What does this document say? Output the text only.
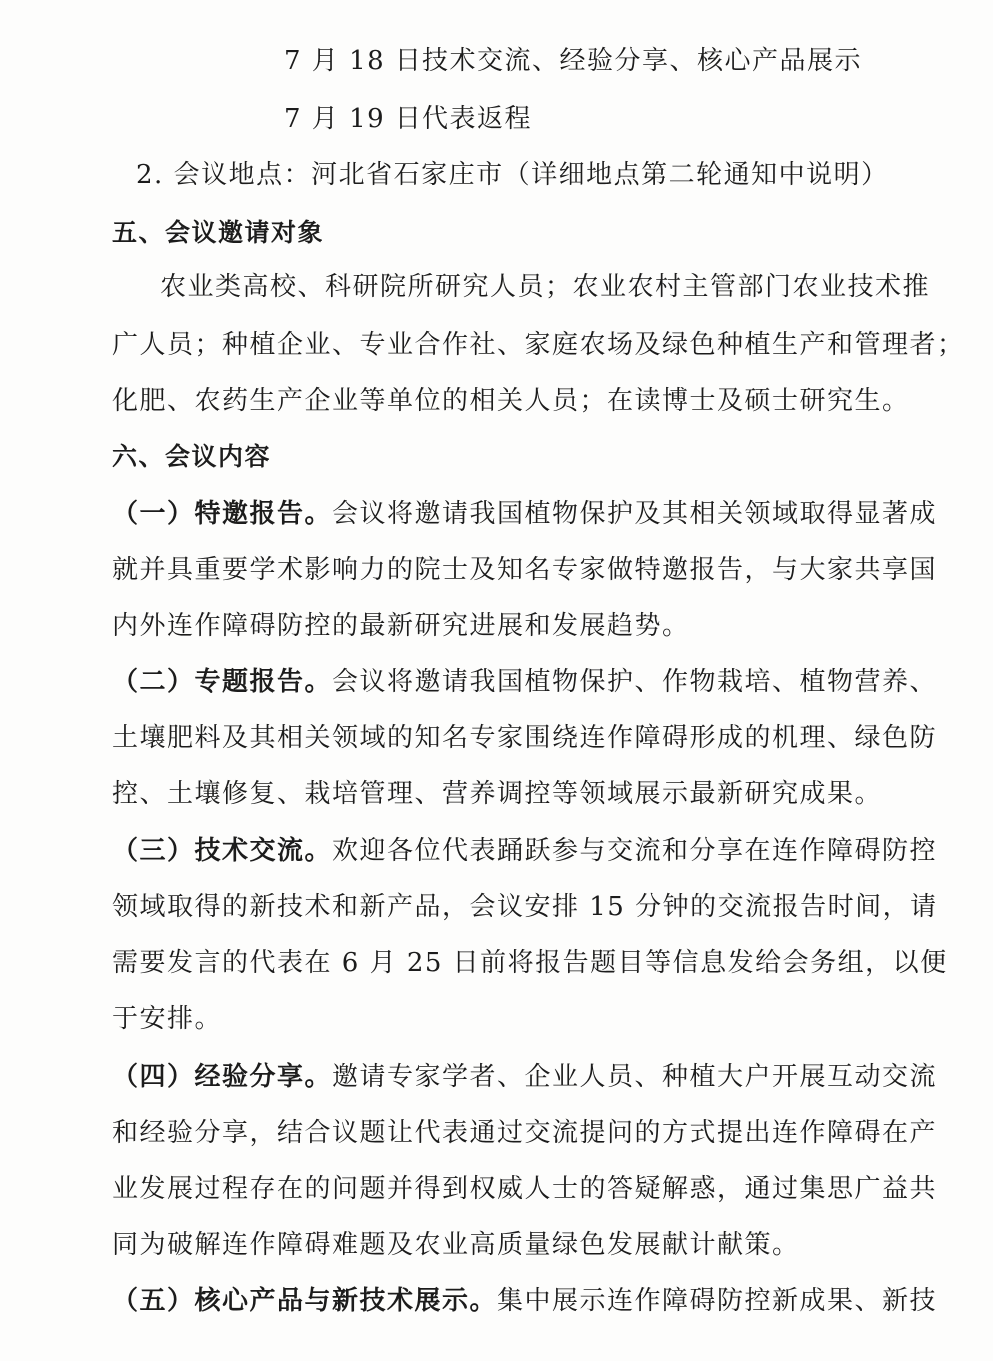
7 月 18 日 技术交流、经验分享、核心产品展示
7 月 19 日 代表返程
2. 会议地点：河北省石家庄市（详细地点第二轮通知中说明）
五、会议邀请对象
农业类高校、科研院所研究人员；农业农村主管部门农业技术推
广人员；种植企业、专业合作社、家庭农场及绿色种植生产和管理者；
化肥、农药生产企业等单位的相关人员；在读博士及硕士研究生。
六、会议内容
（一）特邀报告。会议将邀请我国植物保护及其相关领域取得显著成
就并具重要学术影响力的院士及知名专家做特邀报告，与大家共享国
内外连作障碍防控的最新研究进展和发展趋势。
（二）专题报告。会议将邀请我国植物保护、作物栽培、植物营养、
土壤肥料及其相关领域的知名专家围绕连作障碍形成的机理、绿色防
控、土壤修复、栽培管理、营养调控等领域展示最新研究成果。
（三）技术交流。欢迎各位代表踊跃参与交流和分享在连作障碍防控
领域取得的新技术和新产品，会议安排 15 分钟的交流报告时间，请
需要发言的代表在 6 月 25 日前将报告题目等信息发给会务组，以便
于安排。
（四）经验分享。邀请专家学者、企业人员、种植大户开展互动交流
和经验分享，结合议题让代表通过交流提问的方式提出连作障碍在产
业发展过程存在的问题并得到权威人士的答疑解惑，通过集思广益共
同为破解连作障碍难题及农业高质量绿色发展献计献策。
（五）核心产品与新技术展示。集中展示连作障碍防控新成果、新技
